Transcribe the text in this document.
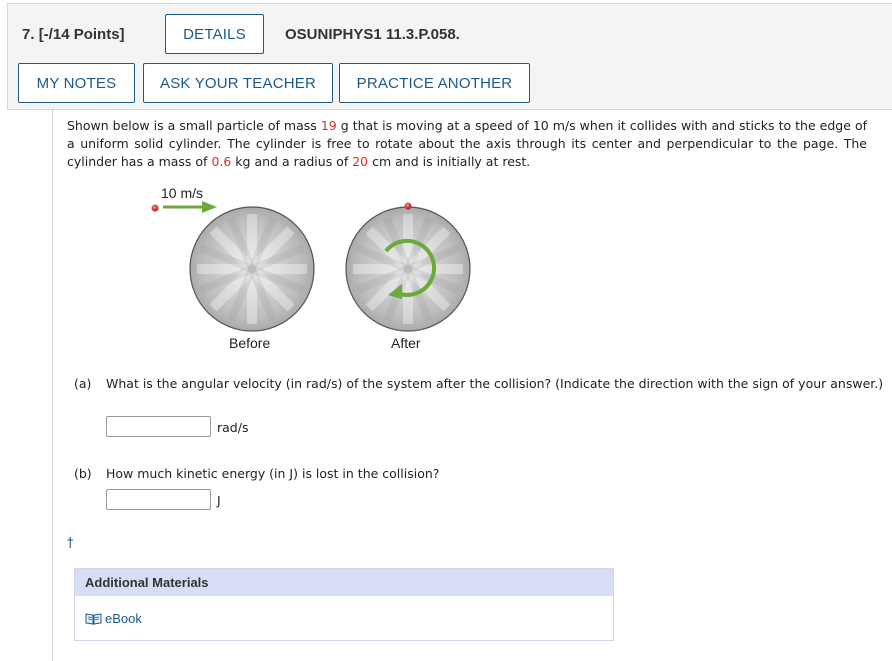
7. [-/14 Points]	DETAILS	OSUNIPHYS1 11.3.P.058.
MY NOTES	ASK YOUR TEACHER	PRACTICE ANOTHER
Shown below is a small particle of mass 19 g that is moving at a speed of 10 m/s when it collides with and sticks to the edge of a uniform solid cylinder. The cylinder is free to rotate about the axis through its center and perpendicular to the page. The cylinder has a mass of 0.6 kg and a radius of 20 cm and is initially at rest.
10 m/s
Before	After
(a) What is the angular velocity (in rad/s) of the system after the collision? (Indicate the direction with the sign of your answer.)
rad/s
(b) How much kinetic energy (in J) is lost in the collision?
J
†
Additional Materials
eBook
